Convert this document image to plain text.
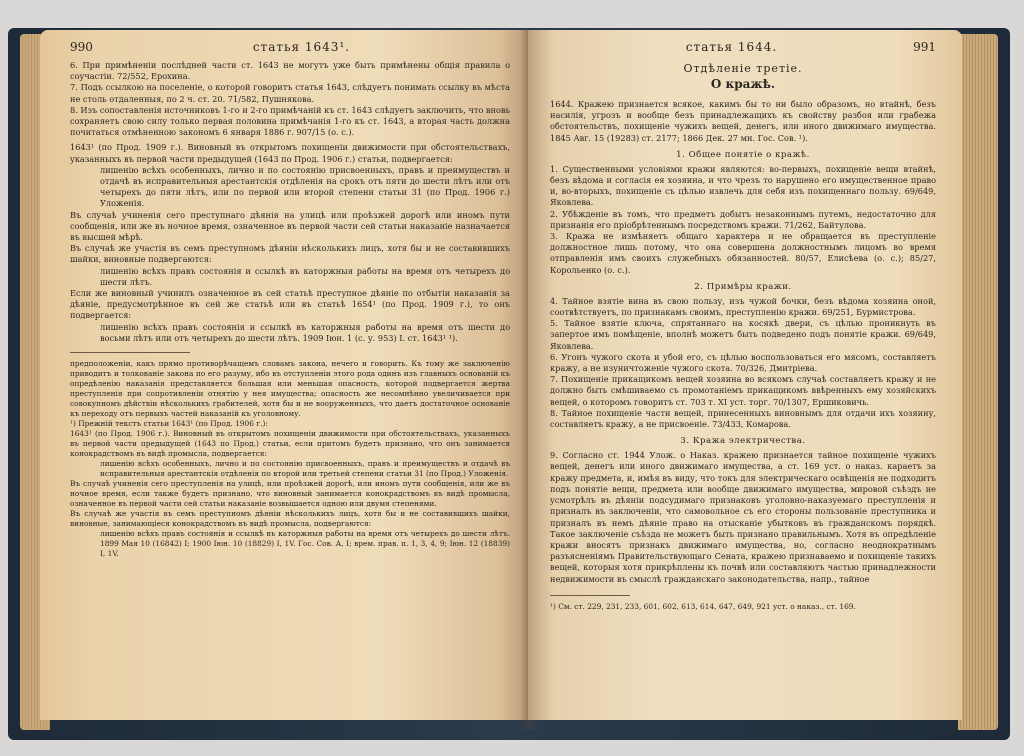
990	статья 1643¹.

6. При примѣненіи послѣдней части ст. 1643 не могутъ уже быть примѣнены общія правила о соучастіи. 72/552, Ерохина.

7. Подъ ссылкою на поселеніе, о которой говоритъ статья 1643, слѣдуетъ понимать ссылку въ мѣста не столь отдаленныя, по 2 ч. ст. 20. 71/582, Пушнякова.

8. Изъ сопоставленія источниковъ 1-го и 2-го примѣчаній къ ст. 1643 слѣдуетъ заключить, что вновь сохраняетъ свою силу только первая половина примѣчанія 1-го къ ст. 1643, а вторая часть должна почитаться отмѣненною закономъ 6 января 1886 г. 907/15 (о. с.).

1643¹ (по Прод. 1909 г.). Виновный въ открытомъ похищеніи движимости при обстоятельствахъ, указанныхъ въ первой части предыдущей (1643 по Прод. 1906 г.) статьи, подвергается:

лишенію всѣхъ особенныхъ, лично и по состоянію присвоенныхъ, правъ и преимуществъ и отдачѣ въ исправительныя арестантскія отдѣленія на срокъ отъ пяти до шести лѣтъ или отъ четырехъ до пяти лѣтъ, или по первой или второй степени статьи 31 (по Прод. 1906 г.) Уложенія.

Въ случаѣ учиненія сего преступнаго дѣянія на улицѣ или проѣзжей дорогѣ или иномъ пути сообщенія, или же въ ночное время, означенное въ первой части сей статьи наказаніе назначается въ высшей мѣрѣ.

Въ случаѣ же участія въ семъ преступномъ дѣяніи нѣсколькихъ лицъ, хотя бы и не составившихъ шайки, виновные подвергаются:

лишенію всѣхъ правъ состоянія и ссылкѣ въ каторжныя работы на время отъ четырехъ до шести лѣтъ.

Если же виновный учинилъ означенное въ сей статьѣ преступное дѣяніе по отбытіи наказанія за дѣяніе, предусмотрѣнное въ сей же статьѣ или въ статьѣ 1654¹ (по Прод. 1909 г.), то онъ подвергается:

лишенію всѣхъ правъ состоянія и ссылкѣ въ каторжныя работы на время отъ шести до восьми лѣтъ или отъ четырехъ до шести лѣтъ. 1909 Іюн. 1 (с. у. 953) I. ст. 1643¹ ¹).

предположеніи, какъ прямо противорѣчащемъ словамъ закона, нечего и говорить. Къ тому же заключенію приводитъ и толкованіе закона по его разуму, ибо въ отступленіи этого рода одинъ изъ главныхъ основаній къ опредѣленію наказанія представляется большая или меньшая опасность, которой подвергается жертва преступленія при сопротивленіи отнятію у нея имущества; опасность же несомнѣнно увеличивается при совокупномъ дѣйствіи нѣсколькихъ грабителей, хотя бы и не вооруженныхъ, что даетъ достаточное основаніе къ переходу отъ первыхъ частей наказаній къ уголовному.

¹) Прежній текстъ статьи 1643¹ (по Прод. 1906 г.):

1643¹ (по Прод. 1906 г.). Виновный въ открытомъ похищеніи движимости при обстоятельствахъ, указанныхъ въ первой части предыдущей (1643 по Прод.) статьи, если притомъ будетъ признано, что онъ занимается конокрадствомъ въ видѣ промысла, подвергается:

лишенію всѣхъ особенныхъ, лично и по состоянію присвоенныхъ, правъ и преимуществъ и отдачѣ въ исправительныя арестантскія отдѣленія по второй или третьей степени статьи 31 (по Прод.) Уложенія.

Въ случаѣ учиненія сего преступленія на улицѣ, или проѣзжей дорогѣ, или иномъ пути сообщенія, или же въ ночное время, если также будетъ признано, что виновный занимается конокрадствомъ въ видѣ промысла, означенное въ первой части сей статьи наказаніе возвышается одною или двумя степенями.

Въ случаѣ же участія въ семъ преступномъ дѣяніи нѣсколькихъ лицъ, хотя бы и не составившихъ шайки, виновные, занимающіеся конокрадствомъ въ видѣ промысла, подвергаются:

лишенію всѣхъ правъ состоянія и ссылкѣ въ каторжныя работы на время отъ четырехъ до шести лѣтъ. 1899 Мая 10 (16842) I; 1900 Іюн. 10 (18829) I, 1V. Гос. Сов. А, I; врем. прав. п. 1, 3, 4, 9; Іюн. 12 (18839) I, 1V.

статья 1644.	991
Отдѣленіе третіе.
О кражѣ.

1644. Кражею признается всякое, какимъ бы то ни было образомъ, но втайнѣ, безъ насилія, угрозъ и вообще безъ принадлежащихъ къ свойству разбоя или грабежа обстоятельствъ, похищеніе чужихъ вещей, денегъ, или иного движимаго имущества. 1845 Авг. 15 (19283) ст. 2177; 1866 Дек. 27 мн. Гос. Сов. ¹).

1. Общее понятіе о кражѣ.

1. Существенными условіями кражи являются: во-первыхъ, похищеніе вещи втайнѣ, безъ вѣдома и согласія ея хозяина, и что чрезъ то нарушено его имущественное право и, во-вторыхъ, похищеніе съ цѣлью извлечь для себя изъ похищеннаго пользу. 69/649, Яковлева.

2. Убѣжденіе въ томъ, что предметъ добытъ незаконнымъ путемъ, недостаточно для признанія его пріобрѣтеннымъ посредствомъ кражи. 71/262, Байтулова.

3. Кража не измѣняетъ общаго характера и не обращается въ преступленіе должностное лишь потому, что она совершена должностнымъ лицомъ во время отправленія имъ своихъ служебныхъ обязанностей. 80/57, Елисѣева (о. с.); 85/27, Корольенко (о. с.).

2. Примѣры кражи.

4. Тайное взятіе вина въ свою пользу, изъ чужой бочки, безъ вѣдома хозяина оной, соотвѣтствуетъ, по признакамъ своимъ, преступленію кражи. 69/251, Бурмистрова.

5. Тайное взятіе ключа, спрятаннаго на косякѣ двери, съ цѣлью проникнуть въ запертое имъ помѣщеніе, вполнѣ можетъ быть подведено подъ понятіе кражи. 69/649, Яковлева.

6. Угонъ чужого скота и убой его, съ цѣлью воспользоваться его мясомъ, составляетъ кражу, а не изуничтоженіе чужого скота. 70/326, Дмитріева.

7. Похищеніе прикащикомъ вещей хозяина во всякомъ случаѣ составляетъ кражу и не должно быть смѣшиваемо съ промотаніемъ прикащикомъ ввѣренныхъ ему хозяйскихъ вещей, о которомъ говоритъ ст. 703 т. XI уст. торг. 70/1307, Ершиковичь.

8. Тайное похищеніе части вещей, принесенныхъ виновнымъ для отдачи ихъ хозяину, составляетъ кражу, а не присвоеніе. 73/433, Комарова.

3. Кража электричества.

9. Согласно ст. 1944 Улож. о Наказ. кражею признается тайное похищеніе чужихъ вещей, денегъ или иного движимаго имущества, а ст. 169 уст. о наказ. караетъ за кражу предмета, и, имѣя въ виду, что токъ для электрическаго освѣщенія не подходитъ подъ понятіе вещи, предмета или вообще движимаго имущества, мировой съѣздъ не усмотрѣлъ въ дѣяніи подсудимаго признаковъ уголовно-наказуемаго преступленія и призналъ въ заключеніи, что самовольное съ его стороны пользованіе преступника и призналъ въ немъ дѣяніе право на отысканіе убытковъ въ гражданскомъ порядкѣ. Такое заключеніе съѣзда не можетъ быть признано правильнымъ. Хотя въ опредѣленіе кражи вносятъ признакъ движимаго имущества, но, согласно неоднократнымъ разъясненіямъ Правительствующаго Сената, кражею признаваемо и похищеніе такихъ вещей, которыя хотя прикрѣплены къ почвѣ или составляютъ частью принадлежности недвижимости въ смыслѣ гражданскаго законодательства, напр., тайное

¹) См. ст. 229, 231, 233, 601, 602, 613, 614, 647, 649, 921 уст. о наказ., ст. 169.
